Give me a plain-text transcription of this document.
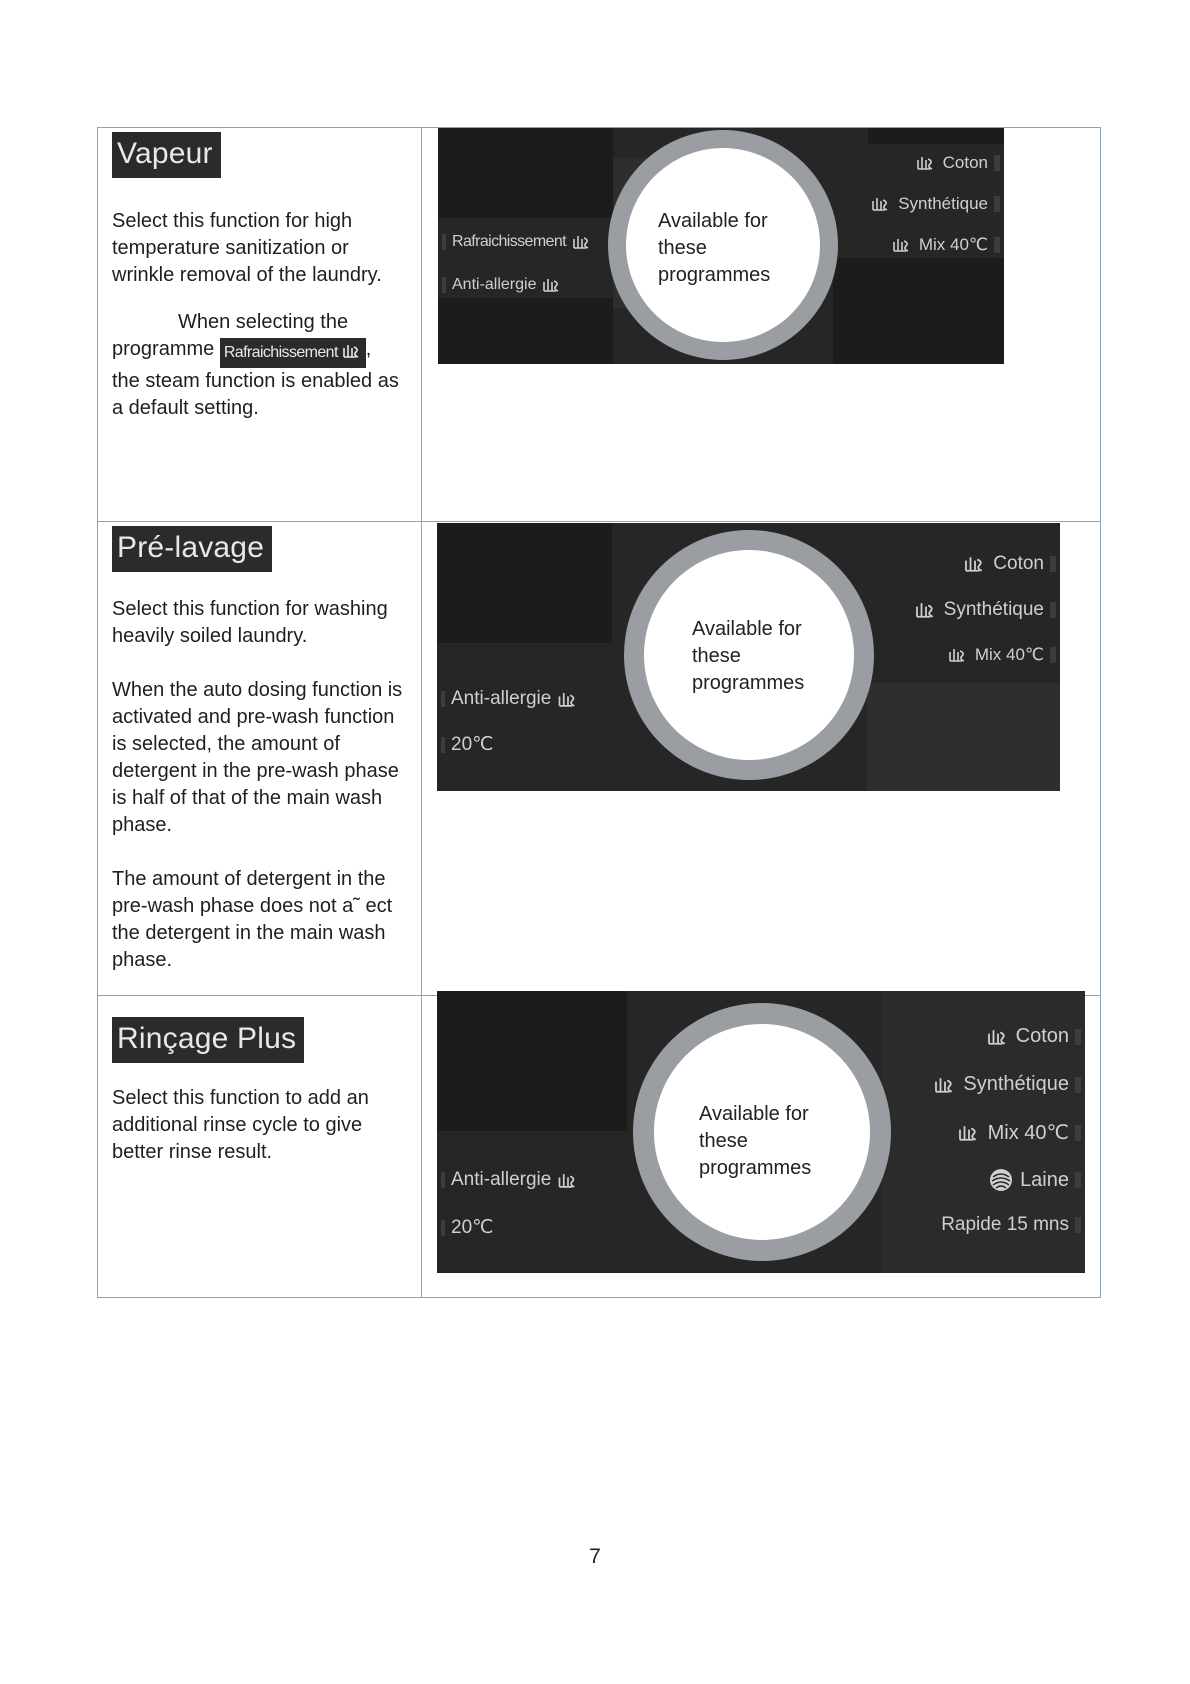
Vapeur

Select this function for high temperature sanitization or wrinkle removal of the laundry.

When selecting the

programme Rafraichissement ,

the steam function is enabled as a default setting.

Available for
these
programmes
Rafraichissement
Anti-allergie
Coton
Synthétique
Mix 40℃
Pré-lavage

Select this function for washing heavily soiled laundry.

When the auto dosing function is activated and pre-wash function is selected, the amount of detergent in the pre-wash phase is half of that of the main wash phase.

The amount of detergent in the pre-wash phase does not a˜ ect the detergent in the main wash phase.

Available for
these
programmes
Anti-allergie
20℃
Coton
Synthétique
Mix 40℃
Rinçage Plus

Select this function to add an additional rinse cycle to give better rinse result.

Available for
these
programmes
Anti-allergie
20℃
Coton
Synthétique
Mix 40℃
Laine
Rapide 15 mns
7
